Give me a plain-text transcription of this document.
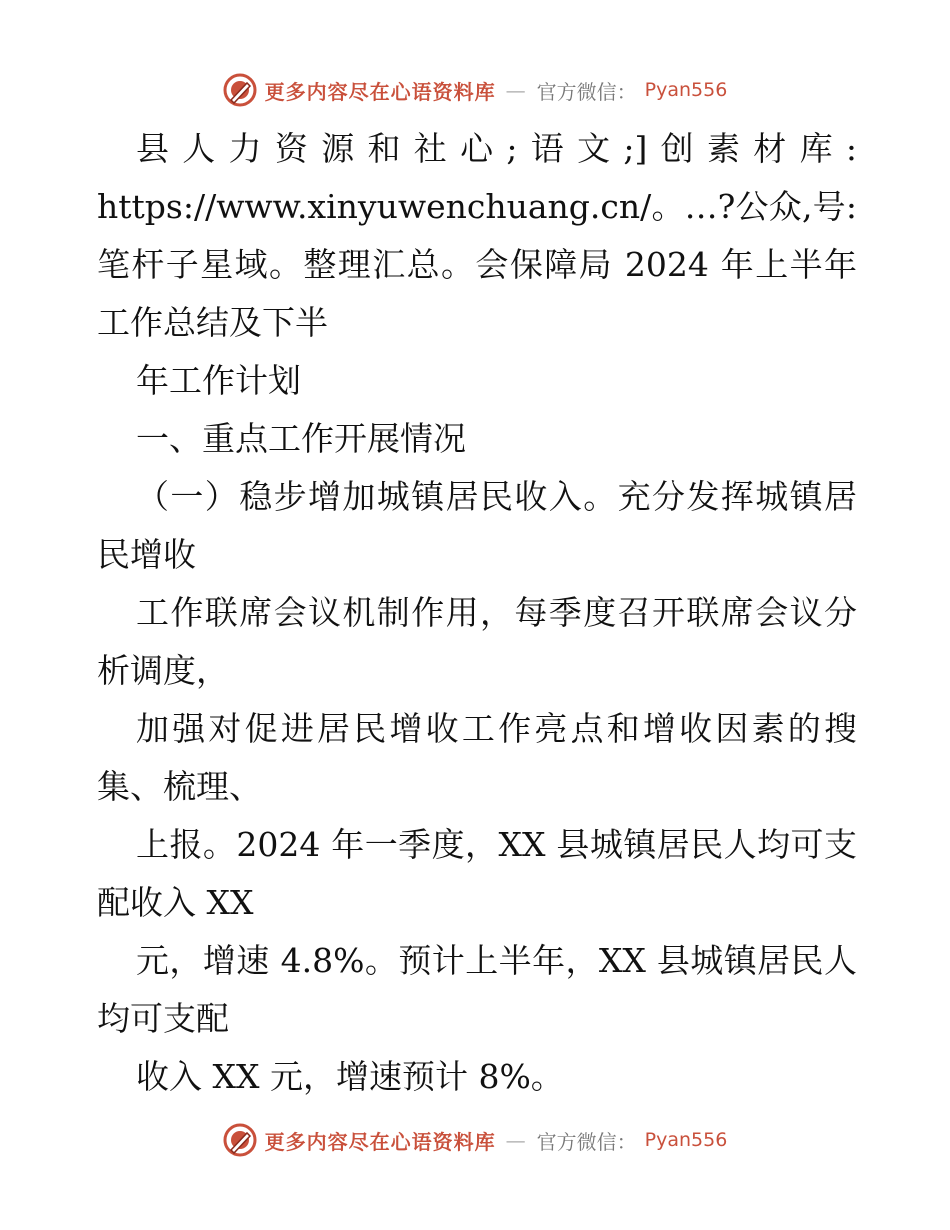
更多内容尽在心语资料库 — 官方微信： Pyan556

县人力资源和社心;语文;]创素材库: https://www.xinyuwenchuang.cn/。…?公众,号: 笔杆子星域。整理汇总。会保障局 2024 年上半年工作总结及下半

年工作计划

一、重点工作开展情况

（一）稳步增加城镇居民收入。充分发挥城镇居民增收

工作联席会议机制作用，每季度召开联席会议分析调度，

加强对促进居民增收工作亮点和增收因素的搜集、梳理、

上报。2024 年一季度，XX 县城镇居民人均可支配收入 XX

元，增速 4.8%。预计上半年，XX 县城镇居民人均可支配

收入 XX 元，增速预计 8%。

更多内容尽在心语资料库 — 官方微信： Pyan556
